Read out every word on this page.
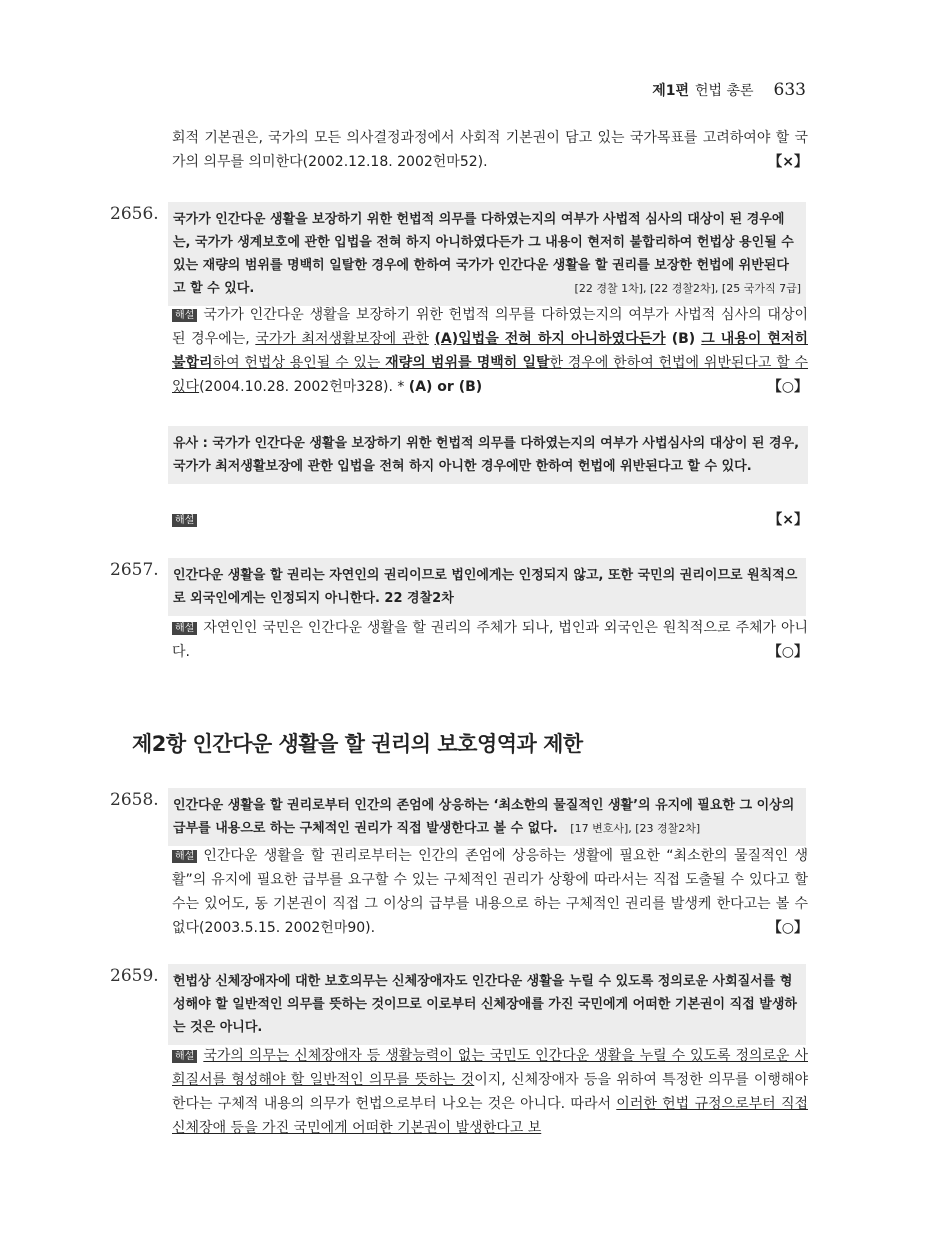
제1편 헌법 총론 633

회적 기본권은, 국가의 모든 의사결정과정에서 사회적 기본권이 담고 있는 국가목표를 고려하여야 할 국가의 의무를 의미한다(2002.12.18. 2002헌마52).	【×】

2656.	국가가 인간다운 생활을 보장하기 위한 헌법적 의무를 다하였는지의 여부가 사법적 심사의 대상이 된 경우에는, 국가가 생계보호에 관한 입법을 전혀 하지 아니하였다든가 그 내용이 현저히 불합리하여 헌법상 용인될 수 있는 재량의 범위를 명백히 일탈한 경우에 한하여 국가가 인간다운 생활을 할 권리를 보장한 헌법에 위반된다고 할 수 있다.	[22 경찰 1차], [22 경찰2차], [25 국가직 7급]

해설 국가가 인간다운 생활을 보장하기 위한 헌법적 의무를 다하였는지의 여부가 사법적 심사의 대상이 된 경우에는, 국가가 최저생활보장에 관한 (A)입법을 전혀 하지 아니하였다든가 (B) 그 내용이 현저히 불합리하여 헌법상 용인될 수 있는 재량의 범위를 명백히 일탈한 경우에 한하여 헌법에 위반된다고 할 수 있다(2004.10.28. 2002헌마328). * (A) or (B)	【○】

유사 : 국가가 인간다운 생활을 보장하기 위한 헌법적 의무를 다하였는지의 여부가 사법심사의 대상이 된 경우, 국가가 최저생활보장에 관한 입법을 전혀 하지 아니한 경우에만 한하여 헌법에 위반된다고 할 수 있다.

해설	【×】

2657.	인간다운 생활을 할 권리는 자연인의 권리이므로 법인에게는 인정되지 않고, 또한 국민의 권리이므로 원칙적으로 외국인에게는 인정되지 아니한다. 22 경찰2차

해설 자연인인 국민은 인간다운 생활을 할 권리의 주체가 되나, 법인과 외국인은 원칙적으로 주체가 아니다.	【○】

제2항 인간다운 생활을 할 권리의 보호영역과 제한
2658.	인간다운 생활을 할 권리로부터 인간의 존엄에 상응하는 ‘최소한의 물질적인 생활’의 유지에 필요한 그 이상의 급부를 내용으로 하는 구체적인 권리가 직접 발생한다고 볼 수 없다. [17 변호사], [23 경찰2차]

해설 인간다운 생활을 할 권리로부터는 인간의 존엄에 상응하는 생활에 필요한 “최소한의 물질적인 생활”의 유지에 필요한 급부를 요구할 수 있는 구체적인 권리가 상황에 따라서는 직접 도출될 수 있다고 할 수는 있어도, 동 기본권이 직접 그 이상의 급부를 내용으로 하는 구체적인 권리를 발생케 한다고는 볼 수 없다(2003.5.15. 2002헌마90).	【○】

2659.	헌법상 신체장애자에 대한 보호의무는 신체장애자도 인간다운 생활을 누릴 수 있도록 정의로운 사회질서를 형성해야 할 일반적인 의무를 뜻하는 것이므로 이로부터 신체장애를 가진 국민에게 어떠한 기본권이 직접 발생하는 것은 아니다.

해설 국가의 의무는 신체장애자 등 생활능력이 없는 국민도 인간다운 생활을 누릴 수 있도록 정의로운 사회질서를 형성해야 할 일반적인 의무를 뜻하는 것이지, 신체장애자 등을 위하여 특정한 의무를 이행해야 한다는 구체적 내용의 의무가 헌법으로부터 나오는 것은 아니다. 따라서 이러한 헌법 규정으로부터 직접 신체장애 등을 가진 국민에게 어떠한 기본권이 발생한다고 보
